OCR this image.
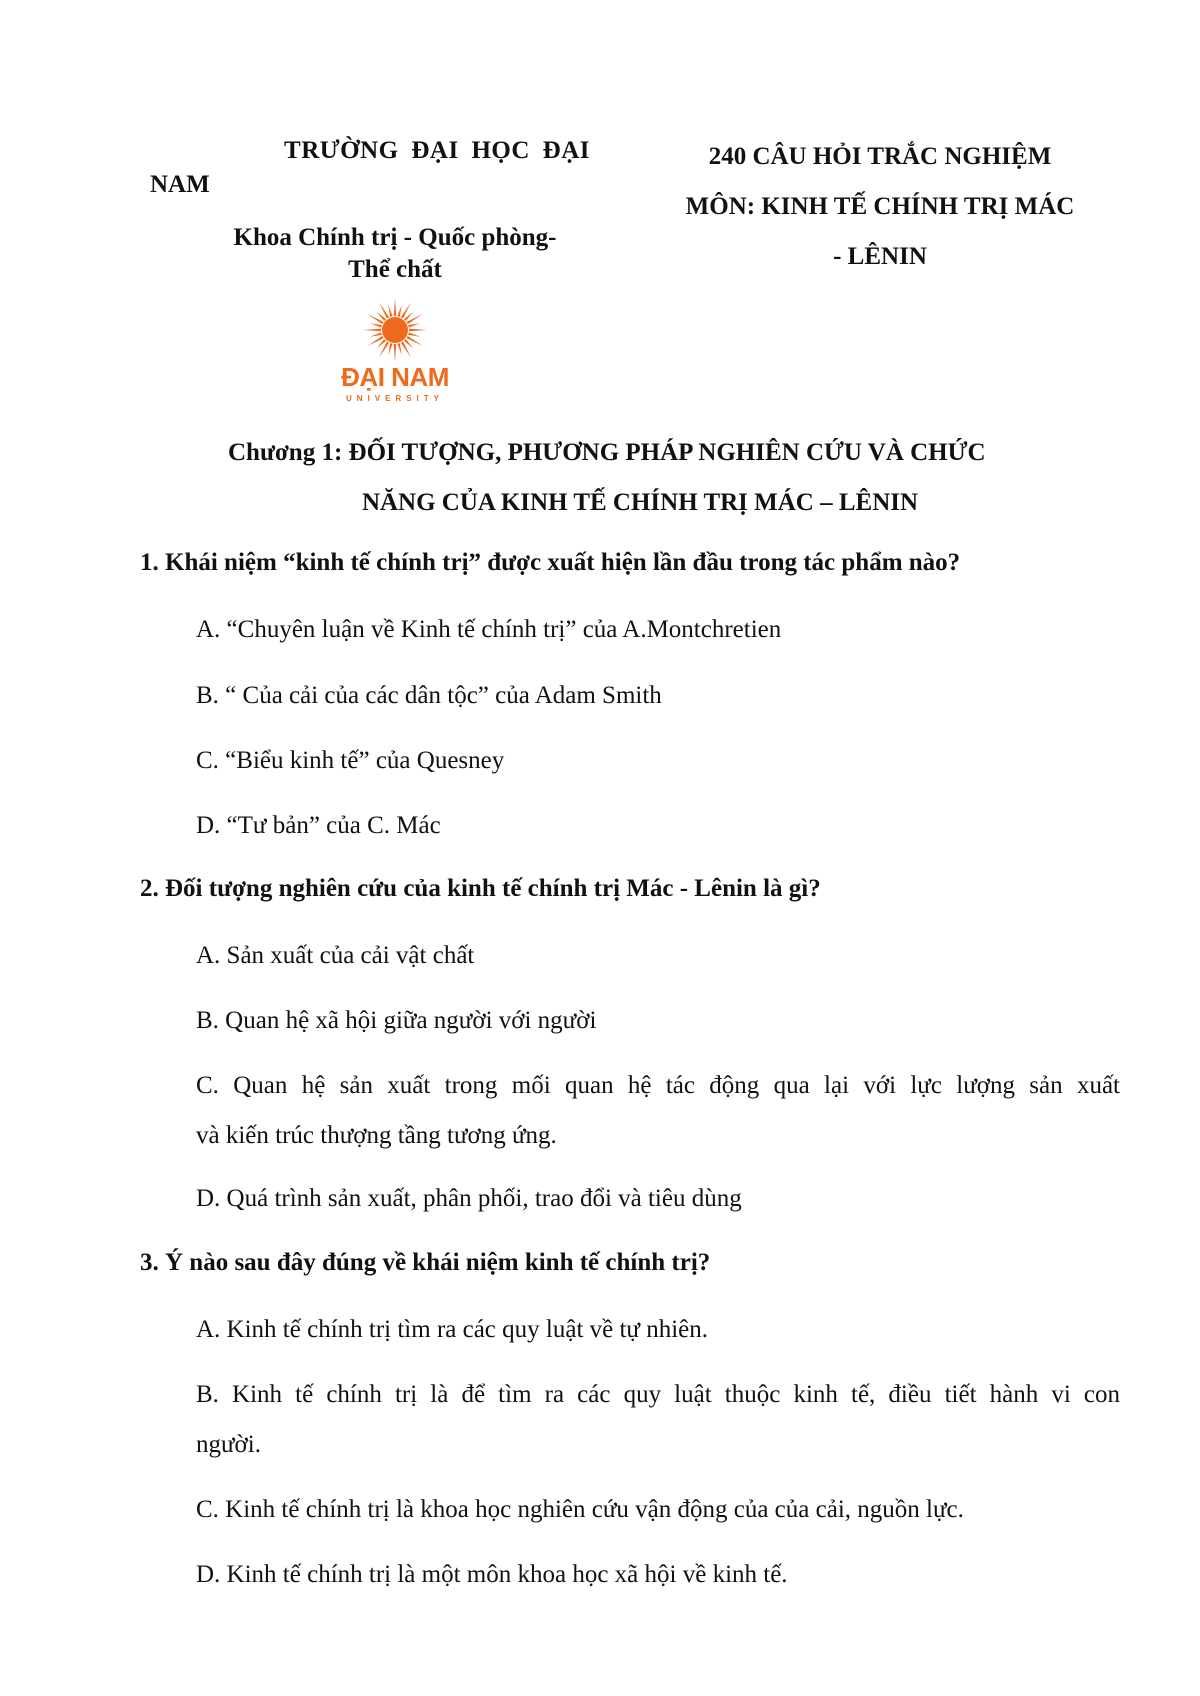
TRƯỜNG ĐẠI HỌC ĐẠI
NAM
Khoa Chính trị - Quốc phòng-
Thể chất
ĐẠI NAM
UNIVERSITY
240 CÂU HỎI TRẮC NGHIỆM
MÔN: KINH TẾ CHÍNH TRỊ MÁC
- LÊNIN
Chương 1: ĐỐI TƯỢNG, PHƯƠNG PHÁP NGHIÊN CỨU VÀ CHỨC
NĂNG CỦA KINH TẾ CHÍNH TRỊ MÁC – LÊNIN
1. Khái niệm “kinh tế chính trị” được xuất hiện lần đầu trong tác phẩm nào?
A. “Chuyên luận về Kinh tế chính trị” của A.Montchretien
B. “ Của cải của các dân tộc” của Adam Smith
C. “Biểu kinh tế” của Quesney
D. “Tư bản” của C. Mác
2. Đối tượng nghiên cứu của kinh tế chính trị Mác - Lênin là gì?
A. Sản xuất của cải vật chất
B. Quan hệ xã hội giữa người với người
C. Quan hệ sản xuất trong mối quan hệ tác động qua lại với lực lượng sản xuất
và kiến trúc thượng tầng tương ứng.
D. Quá trình sản xuất, phân phối, trao đổi và tiêu dùng
3. Ý nào sau đây đúng về khái niệm kinh tế chính trị?
A. Kinh tế chính trị tìm ra các quy luật về tự nhiên.
B. Kinh tế chính trị là để tìm ra các quy luật thuộc kinh tế, điều tiết hành vi con
người.
C. Kinh tế chính trị là khoa học nghiên cứu vận động của của cải, nguồn lực.
D. Kinh tế chính trị là một môn khoa học xã hội về kinh tế.
